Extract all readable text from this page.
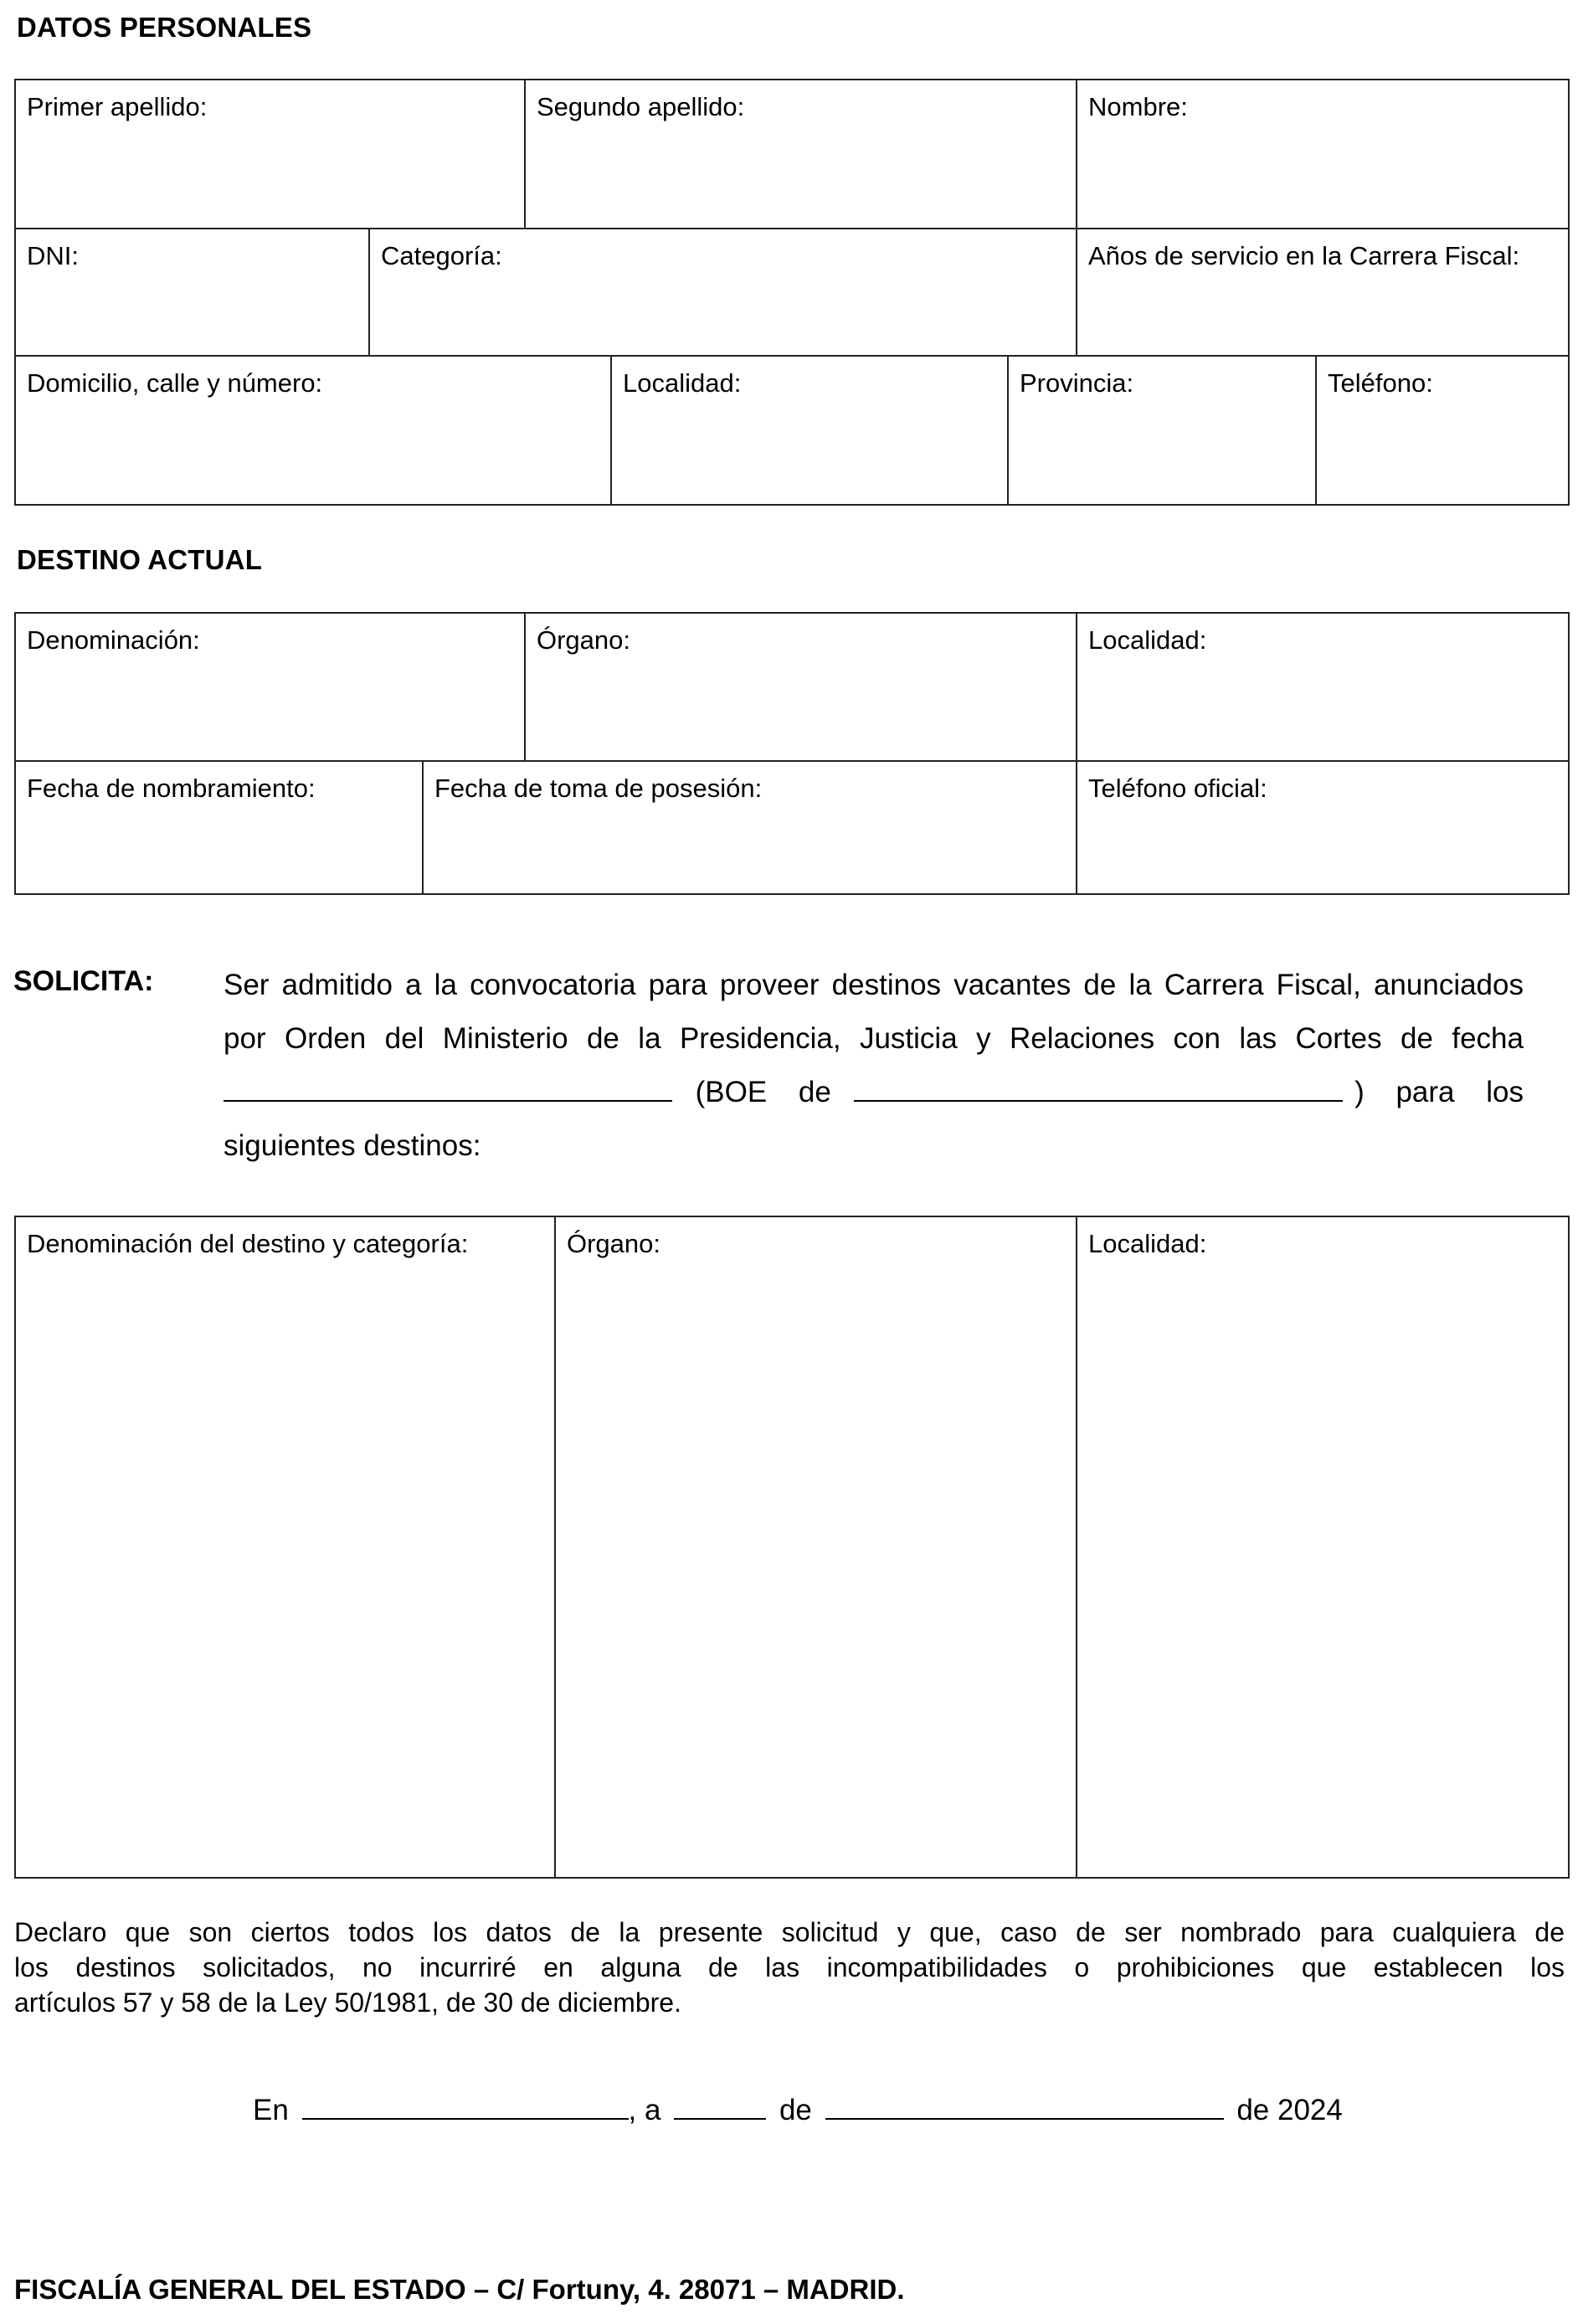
DATOS PERSONALES
Primer apellido:	Segundo apellido:	Nombre:
DNI:	Categoría:	Años de servicio en la Carrera Fiscal:
Domicilio, calle y número:	Localidad:	Provincia:	Teléfono:
DESTINO ACTUAL
Denominación:	Órgano:	Localidad:
Fecha de nombramiento:	Fecha de toma de posesión:	Teléfono oficial:
SOLICITA: Ser admitido a la convocatoria para proveer destinos vacantes de la Carrera Fiscal, anunciados
por Orden del Ministerio de la Presidencia, Justicia y Relaciones con las Cortes de fecha
(BOE de	) para los
siguientes destinos:
Denominación del destino y categoría:	Órgano:	Localidad:
Declaro que son ciertos todos los datos de la presente solicitud y que, caso de ser nombrado para cualquiera de
los destinos solicitados, no incurriré en alguna de las incompatibilidades o prohibiciones que establecen los
artículos 57 y 58 de la Ley 50/1981, de 30 de diciembre.
En	, a	de	de 2024
FISCALÍA GENERAL DEL ESTADO – C/ Fortuny, 4. 28071 – MADRID.
